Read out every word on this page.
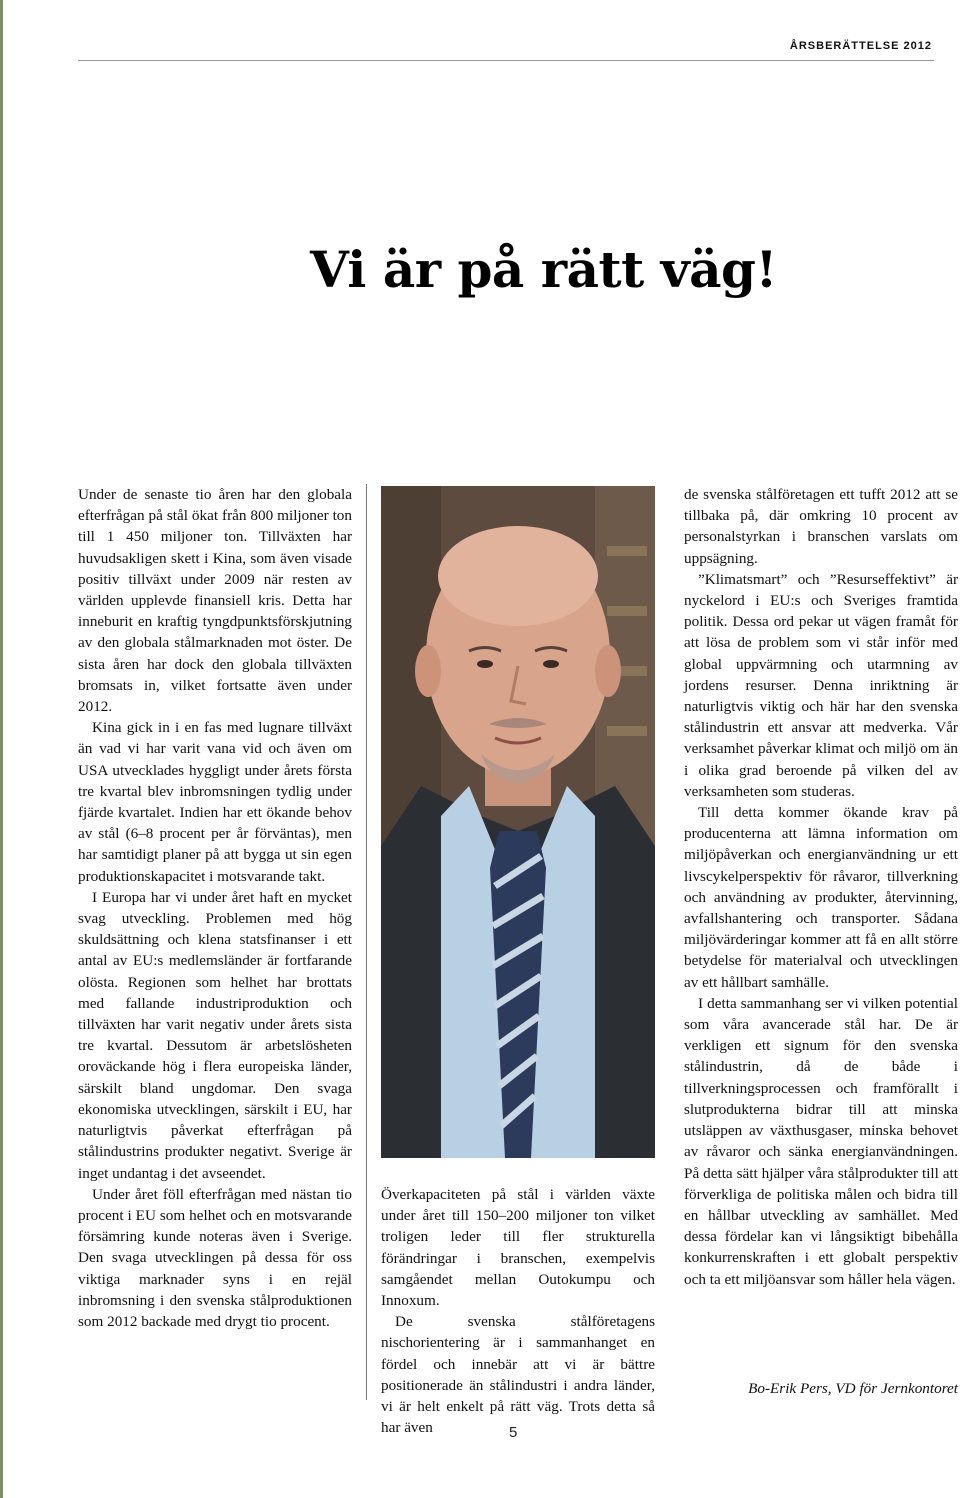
ÅRSBERÄTTELSE 2012
Vi är på rätt väg!

Under de senaste tio åren har den globala efterfrågan på stål ökat från 800 miljoner ton till 1 450 miljoner ton. Tillväxten har huvudsakligen skett i Kina, som även visade positiv tillväxt under 2009 när resten av världen upplevde finansiell kris. Detta har inneburit en kraftig tyngdpunktsförskjutning av den globala stålmarknaden mot öster. De sista åren har dock den globala tillväxten bromsats in, vilket fortsatte även under 2012.

Kina gick in i en fas med lugnare tillväxt än vad vi har varit vana vid och även om USA utvecklades hyggligt under årets första tre kvartal blev inbromsningen tydlig under fjärde kvartalet. Indien har ett ökande behov av stål (6–8 procent per år förväntas), men har samtidigt planer på att bygga ut sin egen produktionskapacitet i motsvarande takt.

I Europa har vi under året haft en mycket svag utveckling. Problemen med hög skuldsättning och klena statsfinanser i ett antal av EU:s medlemsländer är fortfarande olösta. Regionen som helhet har brottats med fallande industriproduktion och tillväxten har varit negativ under årets sista tre kvartal. Dessutom är arbetslösheten oroväckande hög i flera europeiska länder, särskilt bland ungdomar. Den svaga ekonomiska utvecklingen, särskilt i EU, har naturligtvis påverkat efterfrågan på stålindustrins produkter negativt. Sverige är inget undantag i det avseendet.

Under året föll efterfrågan med nästan tio procent i EU som helhet och en motsvarande försämring kunde noteras även i Sverige. Den svaga utvecklingen på dessa för oss viktiga marknader syns i en rejäl inbromsning i den svenska stålproduktionen som 2012 backade med drygt tio procent.

Överkapaciteten på stål i världen växte under året till 150–200 miljoner ton vilket troligen leder till fler strukturella förändringar i branschen, exempelvis samgåendet mellan Outokumpu och Innoxum.

De svenska stålföretagens nischorientering är i sammanhanget en fördel och innebär att vi är bättre positionerade än stålindustri i andra länder, vi är helt enkelt på rätt väg. Trots detta så har även

de svenska stålföretagen ett tufft 2012 att se tillbaka på, där omkring 10 procent av personalstyrkan i branschen varslats om uppsägning.

”Klimatsmart” och ”Resurseffektivt” är nyckelord i EU:s och Sveriges framtida politik. Dessa ord pekar ut vägen framåt för att lösa de problem som vi står inför med global uppvärmning och utarmning av jordens resurser. Denna inriktning är naturligtvis viktig och här har den svenska stålindustrin ett ansvar att medverka. Vår verksamhet påverkar klimat och miljö om än i olika grad beroende på vilken del av verksamheten som studeras.

Till detta kommer ökande krav på producenterna att lämna information om miljöpåverkan och energianvändning ur ett livscykelperspektiv för råvaror, tillverkning och användning av produkter, återvinning, avfallshantering och transporter. Sådana miljövärderingar kommer att få en allt större betydelse för materialval och utvecklingen av ett hållbart samhälle.

I detta sammanhang ser vi vilken potential som våra avancerade stål har. De är verkligen ett signum för den svenska stålindustrin, då de både i tillverkningsprocessen och framförallt i slutprodukterna bidrar till att minska utsläppen av växthusgaser, minska behovet av råvaror och sänka energianvändningen. På detta sätt hjälper våra stålprodukter till att förverkliga de politiska målen och bidra till en hållbar utveckling av samhället. Med dessa fördelar kan vi långsiktigt bibehålla konkurrenskraften i ett globalt perspektiv och ta ett miljöansvar som håller hela vägen.

Bo-Erik Pers, VD för Jernkontoret

5
